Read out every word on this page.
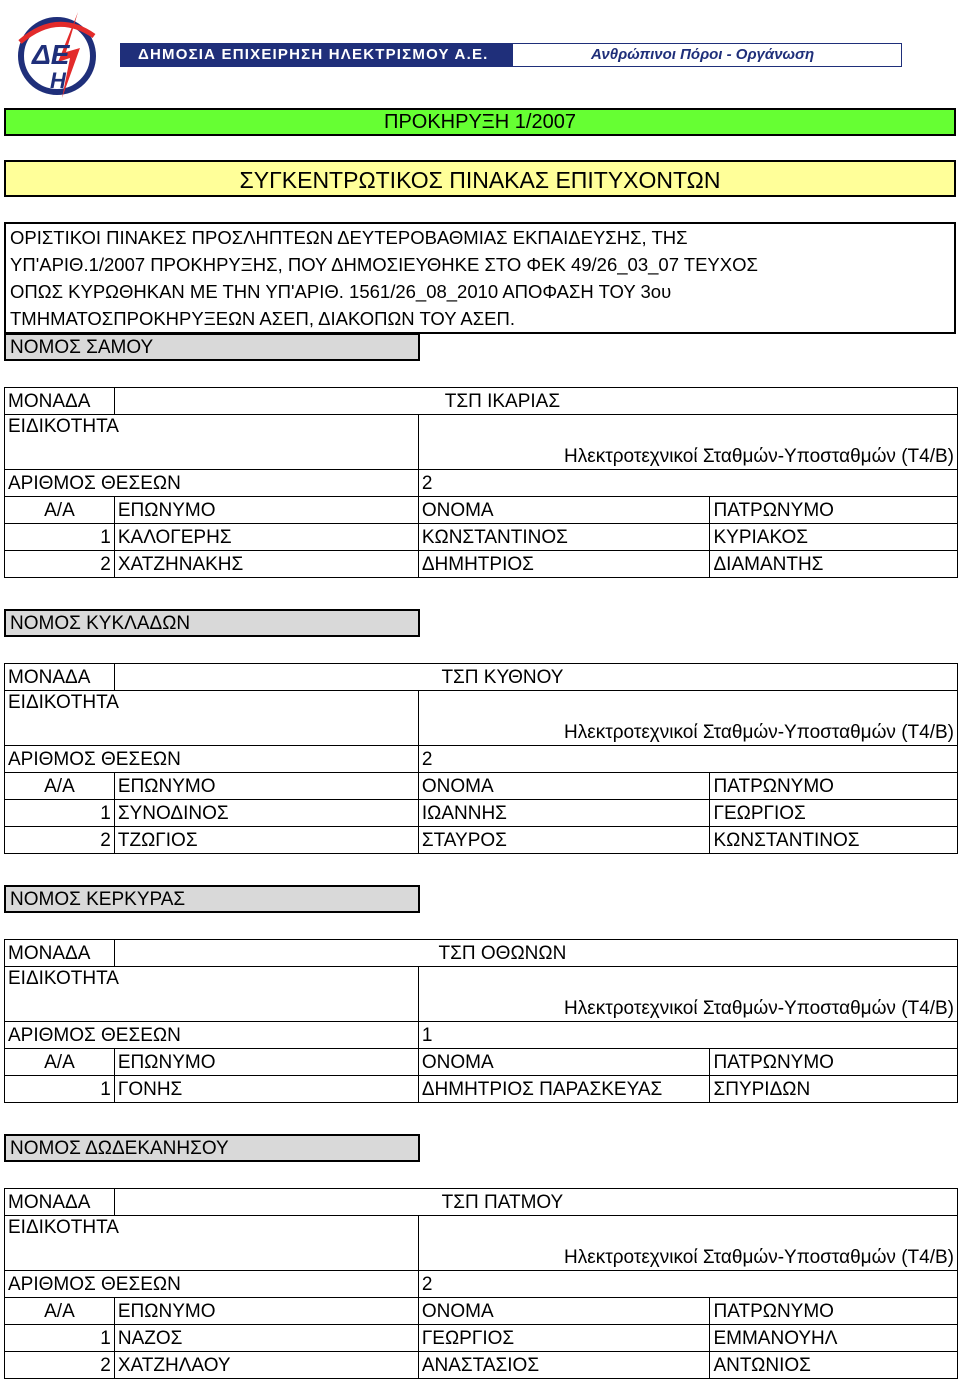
ΔΕ
Η
ΔΗΜΟΣΙΑ ΕΠΙΧΕΙΡΗΣΗ ΗΛΕΚΤΡΙΣΜΟΥ Α.Ε.	Ανθρώπινοι Πόροι - Οργάνωση
ΠΡΟΚΗΡΥΞΗ 1/2007
ΣΥΓΚΕΝΤΡΩΤΙΚΟΣ ΠΙΝΑΚΑΣ ΕΠΙΤΥΧΟΝΤΩΝ
ΟΡΙΣΤΙΚΟΙ ΠΙΝΑΚΕΣ ΠΡΟΣΛΗΠΤΕΩΝ ΔΕΥΤΕΡΟΒΑΘΜΙΑΣ ΕΚΠΑΙΔΕΥΣΗΣ, ΤΗΣ
ΥΠ'ΑΡΙΘ.1/2007 ΠΡΟΚΗΡΥΞΗΣ, ΠΟΥ ΔΗΜΟΣΙΕΥΘΗΚΕ ΣΤΟ ΦΕΚ 49/26_03_07 ΤΕΥΧΟΣ
ΟΠΩΣ ΚΥΡΩΘΗΚΑΝ ΜΕ ΤΗΝ ΥΠ'ΑΡΙΘ. 1561/26_08_2010 ΑΠΟΦΑΣΗ ΤΟΥ 3ου
ΤΜΗΜΑΤΟΣΠΡΟΚΗΡΥΞΕΩΝ ΑΣΕΠ, ΔΙΑΚΟΠΩΝ ΤΟΥ ΑΣΕΠ.
ΝΟΜΟΣ ΣΑΜΟΥ
ΜΟΝΑΔΑ	ΤΣΠ ΙΚΑΡΙΑΣ		
ΕΙΔΙΚΟΤΗΤΑ		Ηλεκτροτεχνικοί Σταθμών-Υποσταθμών (Τ4/Β)	
ΑΡΙΘΜΟΣ ΘΕΣΕΩΝ		2	
Α/Α	ΕΠΩΝΥΜΟ	ΟΝΟΜΑ	ΠΑΤΡΩΝΥΜΟ
1	ΚΑΛΟΓΕΡΗΣ	ΚΩΝΣΤΑΝΤΙΝΟΣ	ΚΥΡΙΑΚΟΣ
2	ΧΑΤΖΗΝΑΚΗΣ	ΔΗΜΗΤΡΙΟΣ	ΔΙΑΜΑΝΤΗΣ
ΝΟΜΟΣ ΚΥΚΛΑΔΩΝ
ΜΟΝΑΔΑ	ΤΣΠ ΚΥΘΝΟΥ		
ΕΙΔΙΚΟΤΗΤΑ		Ηλεκτροτεχνικοί Σταθμών-Υποσταθμών (Τ4/Β)	
ΑΡΙΘΜΟΣ ΘΕΣΕΩΝ		2	
Α/Α	ΕΠΩΝΥΜΟ	ΟΝΟΜΑ	ΠΑΤΡΩΝΥΜΟ
1	ΣΥΝΟΔΙΝΟΣ	ΙΩΑΝΝΗΣ	ΓΕΩΡΓΙΟΣ
2	ΤΖΩΓΙΟΣ	ΣΤΑΥΡΟΣ	ΚΩΝΣΤΑΝΤΙΝΟΣ
ΝΟΜΟΣ ΚΕΡΚΥΡΑΣ
ΜΟΝΑΔΑ	ΤΣΠ ΟΘΩΝΩΝ		
ΕΙΔΙΚΟΤΗΤΑ		Ηλεκτροτεχνικοί Σταθμών-Υποσταθμών (Τ4/Β)	
ΑΡΙΘΜΟΣ ΘΕΣΕΩΝ		1	
Α/Α	ΕΠΩΝΥΜΟ	ΟΝΟΜΑ	ΠΑΤΡΩΝΥΜΟ
1	ΓΟΝΗΣ	ΔΗΜΗΤΡΙΟΣ ΠΑΡΑΣΚΕΥΑΣ	ΣΠΥΡΙΔΩΝ
ΝΟΜΟΣ ΔΩΔΕΚΑΝΗΣΟΥ
ΜΟΝΑΔΑ	ΤΣΠ ΠΑΤΜΟΥ		
ΕΙΔΙΚΟΤΗΤΑ		Ηλεκτροτεχνικοί Σταθμών-Υποσταθμών (Τ4/Β)	
ΑΡΙΘΜΟΣ ΘΕΣΕΩΝ		2	
Α/Α	ΕΠΩΝΥΜΟ	ΟΝΟΜΑ	ΠΑΤΡΩΝΥΜΟ
1	ΝΑΖΟΣ	ΓΕΩΡΓΙΟΣ	ΕΜΜΑΝΟΥΗΛ
2	ΧΑΤΖΗΛΑΟΥ	ΑΝΑΣΤΑΣΙΟΣ	ΑΝΤΩΝΙΟΣ
